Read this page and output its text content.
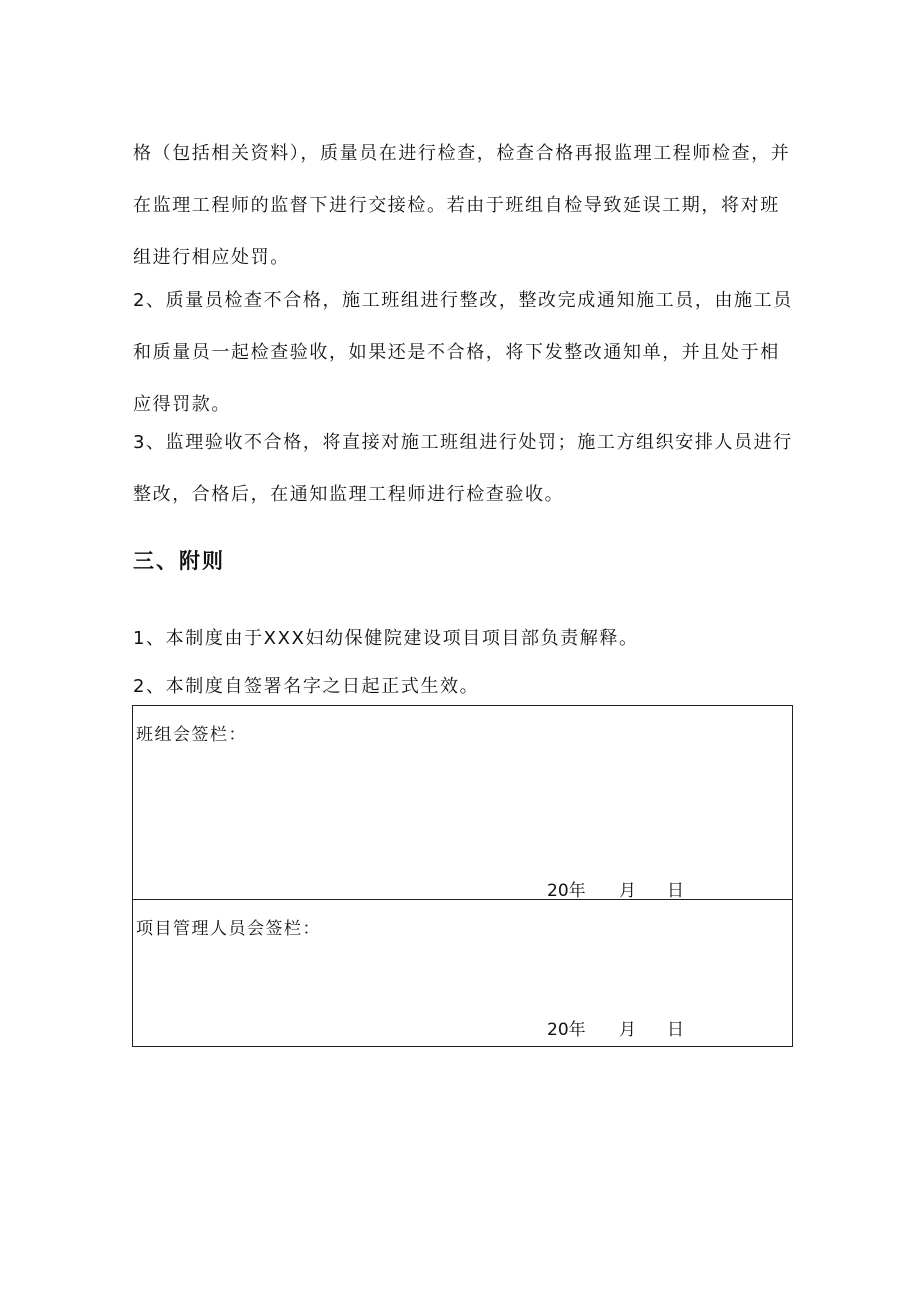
格（包括相关资料），质量员在进行检查，检查合格再报监理工程师检查，并在监理工程师的监督下进行交接检。若由于班组自检导致延误工期，将对班组进行相应处罚。

2、质量员检查不合格，施工班组进行整改，整改完成通知施工员，由施工员和质量员一起检查验收，如果还是不合格，将下发整改通知单，并且处于相应得罚款。

3、监理验收不合格，将直接对施工班组进行处罚；施工方组织安排人员进行整改，合格后，在通知监理工程师进行检查验收。

三、附则

1、本制度由于XXX妇幼保健院建设项目项目部负责解释。

2、本制度自签署名字之日起正式生效。

班组会签栏：
20年 月 日
项目管理人员会签栏：
20年 月 日
